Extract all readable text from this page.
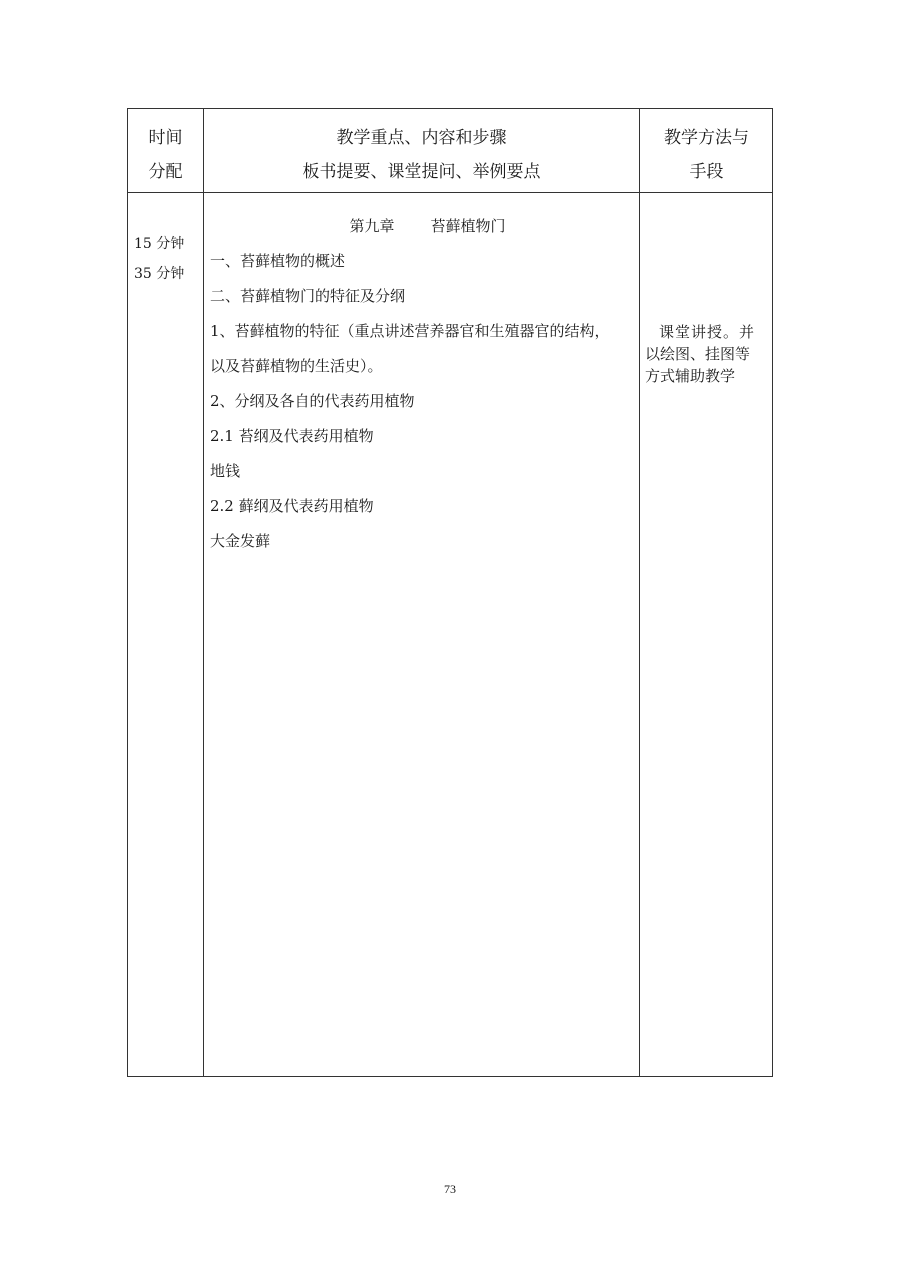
时间
分配
教学重点、内容和步骤
板书提要、课堂提问、举例要点
教学方法与
手段
15 分钟
35 分钟
第九章 苔藓植物门
一、苔藓植物的概述
二、苔藓植物门的特征及分纲
1、苔藓植物的特征（重点讲述营养器官和生殖器官的结构，
以及苔藓植物的生活史）。
2、分纲及各自的代表药用植物
2.1 苔纲及代表药用植物
地钱
2.2 藓纲及代表药用植物
大金发藓
课堂讲授。并
以绘图、挂图等
方式辅助教学
73
